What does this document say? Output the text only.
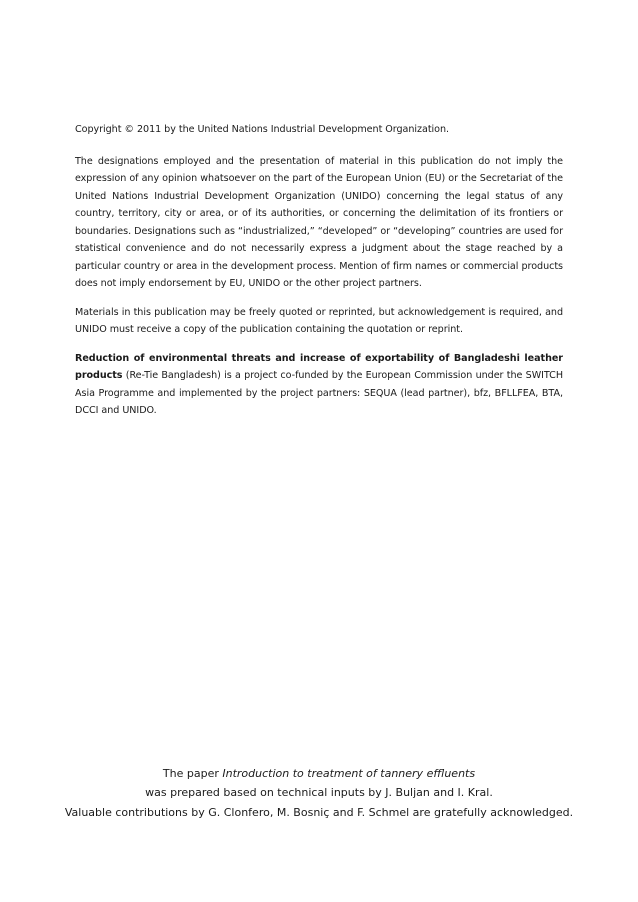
Copyright © 2011 by the United Nations Industrial Development Organization.

The designations employed and the presentation of material in this publication do not imply the expression of any opinion whatsoever on the part of the European Union (EU) or the Secretariat of the United Nations Industrial Development Organization (UNIDO) concerning the legal status of any country, territory, city or area, or of its authorities, or concerning the delimitation of its frontiers or boundaries. Designations such as “industrialized,” “developed” or “developing” countries are used for statistical convenience and do not necessarily express a judgment about the stage reached by a particular country or area in the development process. Mention of firm names or commercial products does not imply endorsement by EU, UNIDO or the other project partners.

Materials in this publication may be freely quoted or reprinted, but acknowledgement is required, and UNIDO must receive a copy of the publication containing the quotation or reprint.

Reduction of environmental threats and increase of exportability of Bangladeshi leather products (Re-Tie Bangladesh) is a project co-funded by the European Commission under the SWITCH Asia Programme and implemented by the project partners: SEQUA (lead partner), bfz, BFLLFEA, BTA, DCCI and UNIDO.

The paper Introduction to treatment of tannery effluents
was prepared based on technical inputs by J. Buljan and I. Kral.
Valuable contributions by G. Clonfero, M. Bosniç and F. Schmel are gratefully acknowledged.
